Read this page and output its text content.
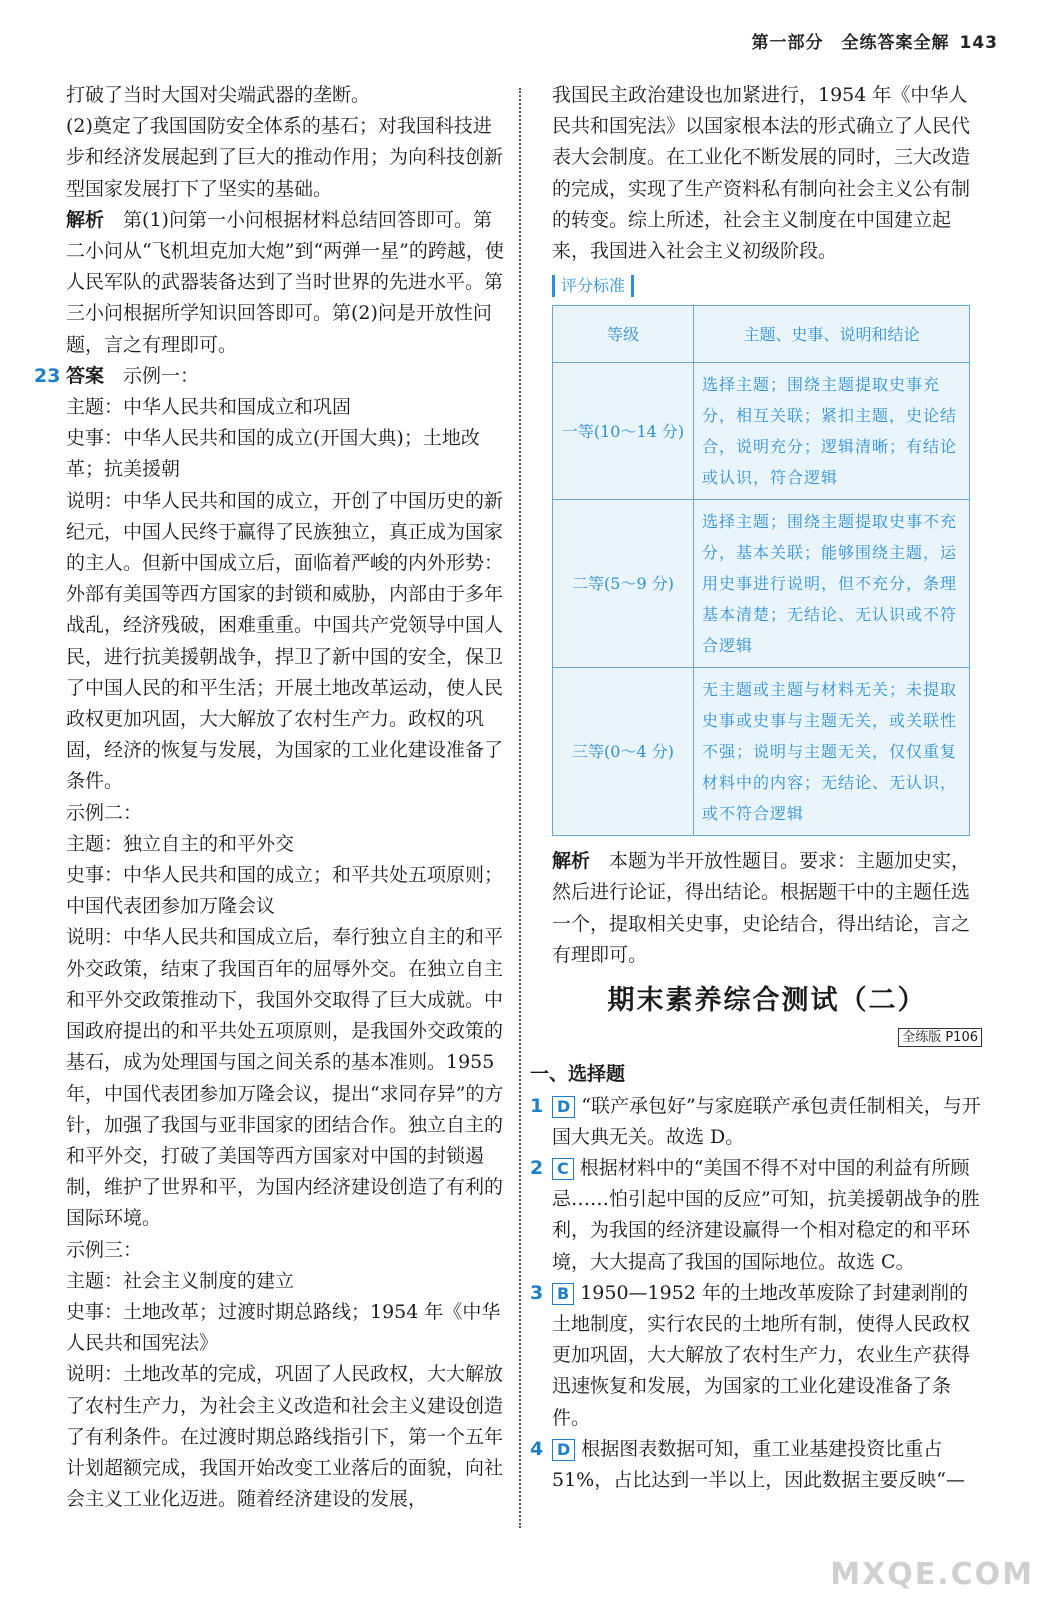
第一部分　全练答案全解 143

打破了当时大国对尖端武器的垄断。

(2)奠定了我国国防安全体系的基石；对我国科技进步和经济发展起到了巨大的推动作用；为向科技创新型国家发展打下了坚实的基础。

解析　 第(1)问第一小问根据材料总结回答即可。第二小问从“飞机坦克加大炮”到“两弹一星”的跨越，使人民军队的武器装备达到了当时世界的先进水平。第三小问根据所学知识回答即可。第(2)问是开放性问题，言之有理即可。

23 答案　 示例一：

主题：中华人民共和国成立和巩固

史事：中华人民共和国的成立(开国大典)；土地改革；抗美援朝

说明：中华人民共和国的成立，开创了中国历史的新纪元，中国人民终于赢得了民族独立，真正成为国家的主人。但新中国成立后，面临着严峻的内外形势：外部有美国等西方国家的封锁和威胁，内部由于多年战乱，经济残破，困难重重。中国共产党领导中国人民，进行抗美援朝战争，捍卫了新中国的安全，保卫了中国人民的和平生活；开展土地改革运动，使人民政权更加巩固，大大解放了农村生产力。政权的巩固，经济的恢复与发展，为国家的工业化建设准备了条件。

示例二：

主题：独立自主的和平外交

史事：中华人民共和国的成立；和平共处五项原则；中国代表团参加万隆会议

说明：中华人民共和国成立后，奉行独立自主的和平外交政策，结束了我国百年的屈辱外交。在独立自主和平外交政策推动下，我国外交取得了巨大成就。中国政府提出的和平共处五项原则，是我国外交政策的基石，成为处理国与国之间关系的基本准则。1955 年，中国代表团参加万隆会议，提出“求同存异”的方针，加强了我国与亚非国家的团结合作。独立自主的和平外交，打破了美国等西方国家对中国的封锁遏制，维护了世界和平，为国内经济建设创造了有利的国际环境。

示例三：

主题：社会主义制度的建立

史事：土地改革；过渡时期总路线；1954 年《中华人民共和国宪法》

说明：土地改革的完成，巩固了人民政权，大大解放了农村生产力，为社会主义改造和社会主义建设创造了有利条件。在过渡时期总路线指引下，第一个五年计划超额完成，我国开始改变工业落后的面貌，向社会主义工业化迈进。随着经济建设的发展，

我国民主政治建设也加紧进行，1954 年《中华人民共和国宪法》以国家根本法的形式确立了人民代表大会制度。在工业化不断发展的同时，三大改造的完成，实现了生产资料私有制向社会主义公有制的转变。综上所述，社会主义制度在中国建立起来，我国进入社会主义初级阶段。

评分标准
等级	主题、史事、说明和结论
一等(10～14 分)	选择主题；围绕主题提取史事充分，相互关联；紧扣主题，史论结合，说明充分；逻辑清晰；有结论或认识，符合逻辑
二等(5～9 分)	选择主题；围绕主题提取史事不充分，基本关联；能够围绕主题，运用史事进行说明，但不充分，条理基本清楚；无结论、无认识或不符合逻辑
三等(0～4 分)	无主题或主题与材料无关；未提取史事或史事与主题无关，或关联性不强；说明与主题无关，仅仅重复材料中的内容；无结论、无认识，或不符合逻辑

解析　 本题为半开放性题目。要求：主题加史实，然后进行论证，得出结论。根据题干中的主题任选一个，提取相关史事，史论结合，得出结论，言之有理即可。

期末素养综合测试（二）
全练版 P106

一、选择题

1 D “联产承包好”与家庭联产承包责任制相关，与开国大典无关。故选 D。

2 C 根据材料中的“美国不得不对中国的利益有所顾忌……怕引起中国的反应”可知，抗美援朝战争的胜利，为我国的经济建设赢得一个相对稳定的和平环境，大大提高了我国的国际地位。故选 C。

3 B 1950—1952 年的土地改革废除了封建剥削的土地制度，实行农民的土地所有制，使得人民政权更加巩固，大大解放了农村生产力，农业生产获得迅速恢复和发展，为国家的工业化建设准备了条件。

4 D 根据图表数据可知，重工业基建投资比重占 51%，占比达到一半以上，因此数据主要反映“—

MXQE.COM
